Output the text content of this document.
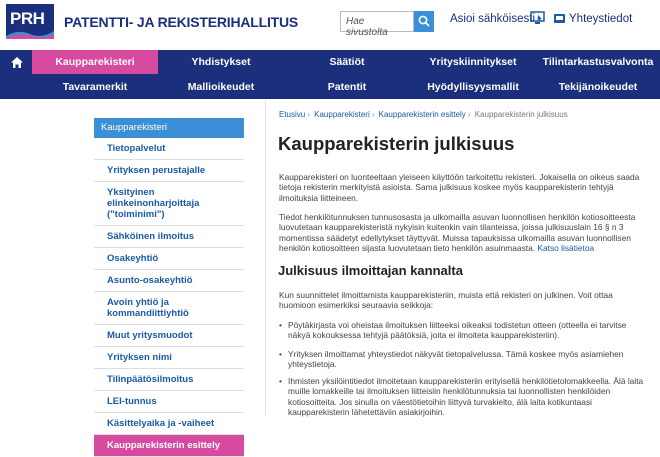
PRH PATENTTI- JA REKISTERIHALLITUS	Hae sivustolta
Asioi sähköisesti	Yhteystiedot
Kaupparekisteri	Yhdistykset	Säätiöt	Yrityskiinnitykset	Tilintarkastusvalvonta
Tavaramerkit	Mallioikeudet	Patentit	Hyödyllisyysmallit	Tekijänoikeudet
Kaupparekisteri
Tietopalvelut
Yrityksen perustajalle
Yksityinen elinkeinonharjoittaja ("toiminimi")
Sähköinen ilmoitus
Osakeyhtiö
Asunto-osakeyhtiö
Avoin yhtiö ja kommandiittiyhtiö
Muut yritysmuodot
Yrityksen nimi
Tilinpäätösilmoitus
LEI-tunnus
Käsittelyaika ja -vaiheet
Kaupparekisterin esittely
Etusivu › Kaupparekisteri › Kaupparekisterin esittely › Kaupparekisterin julkisuus
Kaupparekisterin julkisuus

Kaupparekisteri on luonteeltaan yleiseen käyttöön tarkoitettu rekisteri. Jokaisella on oikeus saada tietoja rekisterin merkityistä asioista. Sama julkisuus koskee myös kaupparekisterin tehtyjä ilmoituksia liitteineen.

Tiedot henkilötunnuksen tunnusosasta ja ulkomailla asuvan luonnollisen henkilön kotiosoitteesta luovutetaan kaupparekisteristä nykyisin kuitenkin vain tilanteissa, joissa julkisuuslain 16 § n 3 momentissa säädetyt edellytykset täyttyvät. Muissa tapauksissa ulkomailla asuvan luonnollisen henkilön kotiosoitteen sijasta luovutetaan tieto henkilön asuinmaasta. Katso lisätietoa

Julkisuus ilmoittajan kannalta

Kun suunnittelet ilmoittamista kaupparekisteriin, muista että rekisteri on julkinen. Voit ottaa huomioon esimerkiksi seuraavia seikkoja:

• Pöytäkirjasta voi oheistaa ilmoituksen liitteeksi oikeaksi todistetun otteen (otteella ei tarvitse näkyä kokouksessa tehtyjä päätöksiä, joita ei ilmoiteta kaupparekisteriin).
• Yrityksen ilmoittamat yhteystiedot näkyvät tietopalvelussa. Tämä koskee myös asiamiehen yhteystietoja.
• Ihmisten yksilöintitiedot ilmoitetaan kaupparekisteriin erityisellä henkilötietolomakkeella. Älä laita muille lomakkeille tai ilmoituksen liitteisiin henkilötunnuksia tai luonnollisten henkilöiden kotiosoitteita. Jos sinulla on väestötietoihin liittyvä turvakielto, älä laita kotikuntaasi kaupparekisterin lähetettäviin asiakirjoihin.
